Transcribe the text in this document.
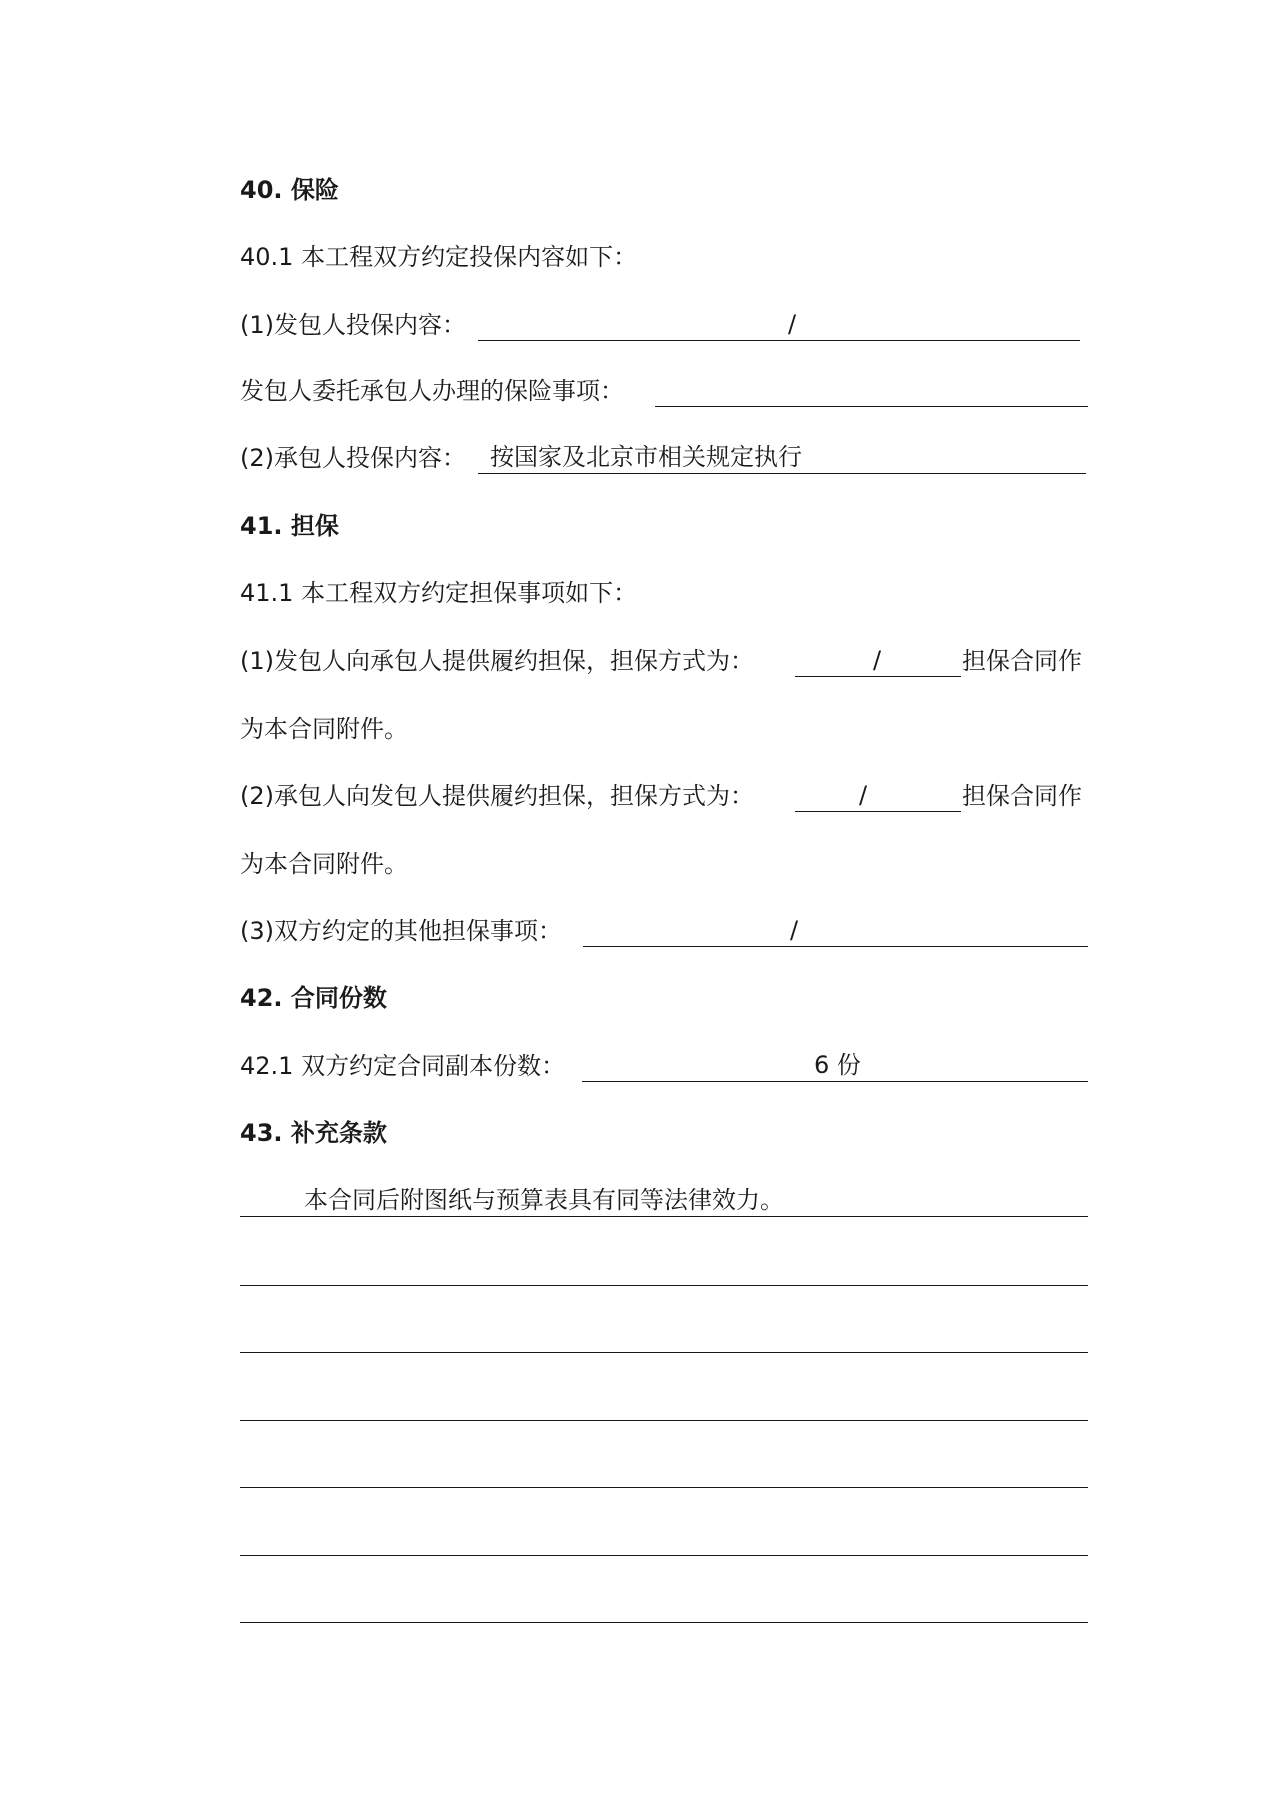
40. 保险
40.1 本工程双方约定投保内容如下：
(1)发包人投保内容：	/
发包人委托承包人办理的保险事项：
(2)承包人投保内容： 按国家及北京市相关规定执行
41. 担保
41.1 本工程双方约定担保事项如下：
(1)发包人向承包人提供履约担保，担保方式为：	/	担保合同作
为本合同附件。
(2)承包人向发包人提供履约担保，担保方式为：	/	担保合同作
为本合同附件。
(3)双方约定的其他担保事项：	/
42. 合同份数
42.1 双方约定合同副本份数：	6 份
43. 补充条款
本合同后附图纸与预算表具有同等法律效力。
